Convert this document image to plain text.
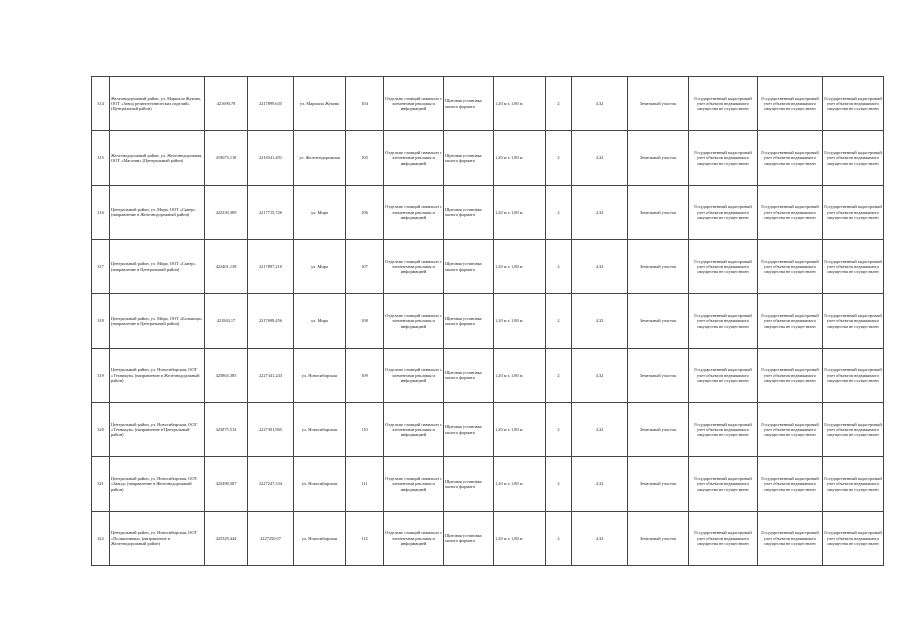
314	Железнодорожный район, ул. Маршала Жукова, ООТ «Завод резинотехнических изделий» (Центральный район)	421690,78	2217899,635	ул. Маршала Жукова	104	Отдельно стоящий павильон с элементами рекламы и информацией	Щитовая установка малого формата	1,20 м х 1,80 м	2	4,32	Земельный участок	Государственный кадастровый учет объектов недвижимого имущества не осуществлен	Государственный кадастровый учет объектов недвижимого имущества не осуществлен	Государственный кадастровый учет объектов недвижимого имущества не осуществлен
315	Железнодорожный район, ул. Железнодорожная, ООТ «Магазин» (Центральный район)	419675,118	2216541,491	ул. Железнодорожная	105	Отдельно стоящий павильон с элементами рекламы и информацией	Щитовая установка малого формата	1,20 м х 1,80 м	2	4,32	Земельный участок	Государственный кадастровый учет объектов недвижимого имущества не осуществлен	Государственный кадастровый учет объектов недвижимого имущества не осуществлен	Государственный кадастровый учет объектов недвижимого имущества не осуществлен
316	Центральный район, ул. Мира, ООТ «Сквер» (направление в Железнодорожный район)	422339,389	2217715,726	ул. Мира	106	Отдельно стоящий павильон с элементами рекламы и информацией	Щитовая установка малого формата	1,20 м х 1,80 м	2	4,32	Земельный участок	Государственный кадастровый учет объектов недвижимого имущества не осуществлен	Государственный кадастровый учет объектов недвижимого имущества не осуществлен	Государственный кадастровый учет объектов недвижимого имущества не осуществлен
317	Центральный район, ул. Мира, ООТ «Сквер» (направление в Центральный район)	422461,138	2217897,210	ул. Мира	107	Отдельно стоящий павильон с элементами рекламы и информацией	Щитовая установка малого формата	1,20 м х 1,80 м	2	4,32	Земельный участок	Государственный кадастровый учет объектов недвижимого имущества не осуществлен	Государственный кадастровый учет объектов недвижимого имущества не осуществлен	Государственный кадастровый учет объектов недвижимого имущества не осуществлен
318	Центральный район, ул. Мира, ООТ «Больница» (направление в Центральный район)	421843,17	2217698,456	ул. Мира	108	Отдельно стоящий павильон с элементами рекламы и информацией	Щитовая установка малого формата	1,20 м х 1,80 м	2	4,32	Земельный участок	Государственный кадастровый учет объектов недвижимого имущества не осуществлен	Государственный кадастровый учет объектов недвижимого имущества не осуществлен	Государственный кадастровый учет объектов недвижимого имущества не осуществлен
319	Центральный район, ул. Новосибирская, ООТ «Техникум» (направление в Железнодорожный район)	425863,385	2227341,243	ул. Новосибирская	109	Отдельно стоящий павильон с элементами рекламы и информацией	Щитовая установка малого формата	1,20 м х 1,80 м	2	4,32	Земельный участок	Государственный кадастровый учет объектов недвижимого имущества не осуществлен	Государственный кадастровый учет объектов недвижимого имущества не осуществлен	Государственный кадастровый учет объектов недвижимого имущества не осуществлен
320	Центральный район, ул. Новосибирская, ООТ «Техникум» (направление в Центральный район)	425875,514	2227301,965	ул. Новосибирская	110	Отдельно стоящий павильон с элементами рекламы и информацией	Щитовая установка малого формата	1,20 м х 1,80 м	2	4,32	Земельный участок	Государственный кадастровый учет объектов недвижимого имущества не осуществлен	Государственный кадастровый учет объектов недвижимого имущества не осуществлен	Государственный кадастровый учет объектов недвижимого имущества не осуществлен
321	Центральный район, ул. Новосибирская, ООТ «Завод» (направление в Железнодорожный район)	425498,587	2227247,334	ул. Новосибирская	111	Отдельно стоящий павильон с элементами рекламы и информацией	Щитовая установка малого формата	1,20 м х 1,80 м	2	4,32	Земельный участок	Государственный кадастровый учет объектов недвижимого имущества не осуществлен	Государственный кадастровый учет объектов недвижимого имущества не осуществлен	Государственный кадастровый учет объектов недвижимого имущества не осуществлен
322	Центральный район, ул. Новосибирская, ООТ «Поликлиника» (направление в Железнодорожный район)	425529,444	2227250,07	ул. Новосибирская	112	Отдельно стоящий павильон с элементами рекламы и информацией	Щитовая установка малого формата	1,20 м х 1,80 м	2	4,32	Земельный участок	Государственный кадастровый учет объектов недвижимого имущества не осуществлен	Государственный кадастровый учет объектов недвижимого имущества не осуществлен	Государственный кадастровый учет объектов недвижимого имущества не осуществлен
